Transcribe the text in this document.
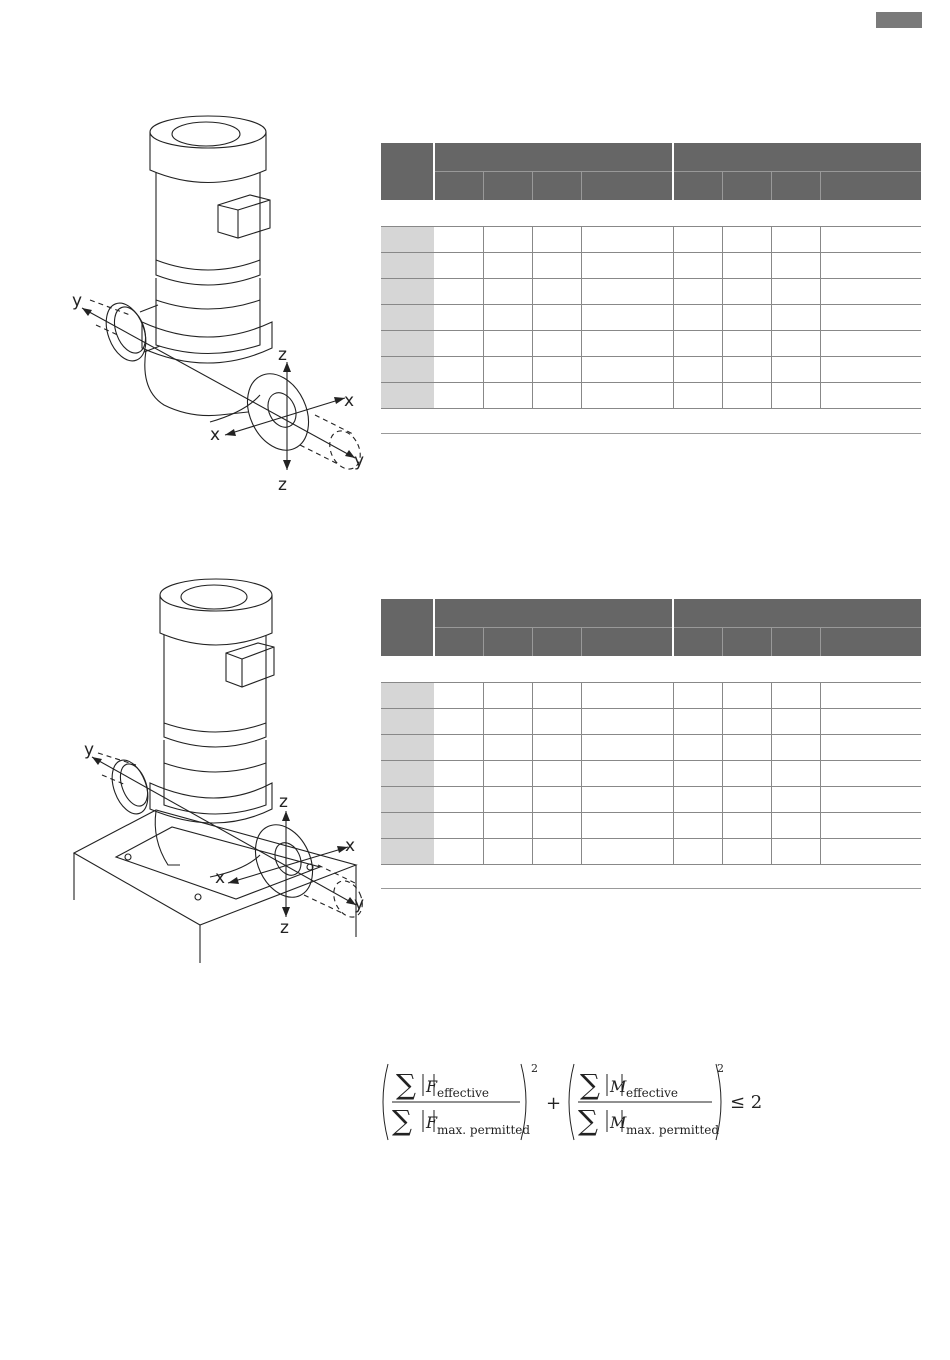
y
z
x
x
y
z

y
z
x
x
y
z

∑ F effective
∑ F max. permitted
2
+
∑ M effective
∑ M max. permitted
2
≤ 2
